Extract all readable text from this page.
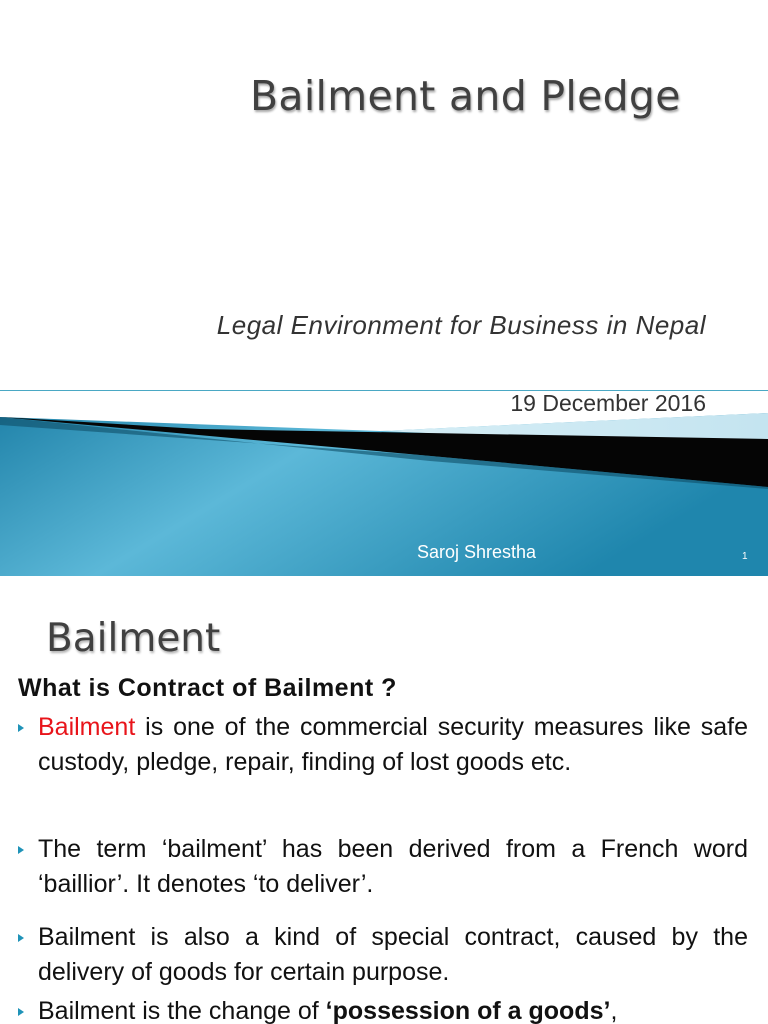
Bailment and Pledge
Legal Environment for Business in Nepal
19 December 2016
Saroj Shrestha	1
Bailment
What is Contract of Bailment ?
Bailment is one of the commercial security measures like safe custody, pledge, repair, finding of lost goods etc.
The term ‘bailment’ has been derived from a French word ‘baillior’. It denotes ‘to deliver’.
Bailment is also a kind of special contract, caused by the delivery of goods for certain purpose.
Bailment is the change of ‘possession of a goods’,
